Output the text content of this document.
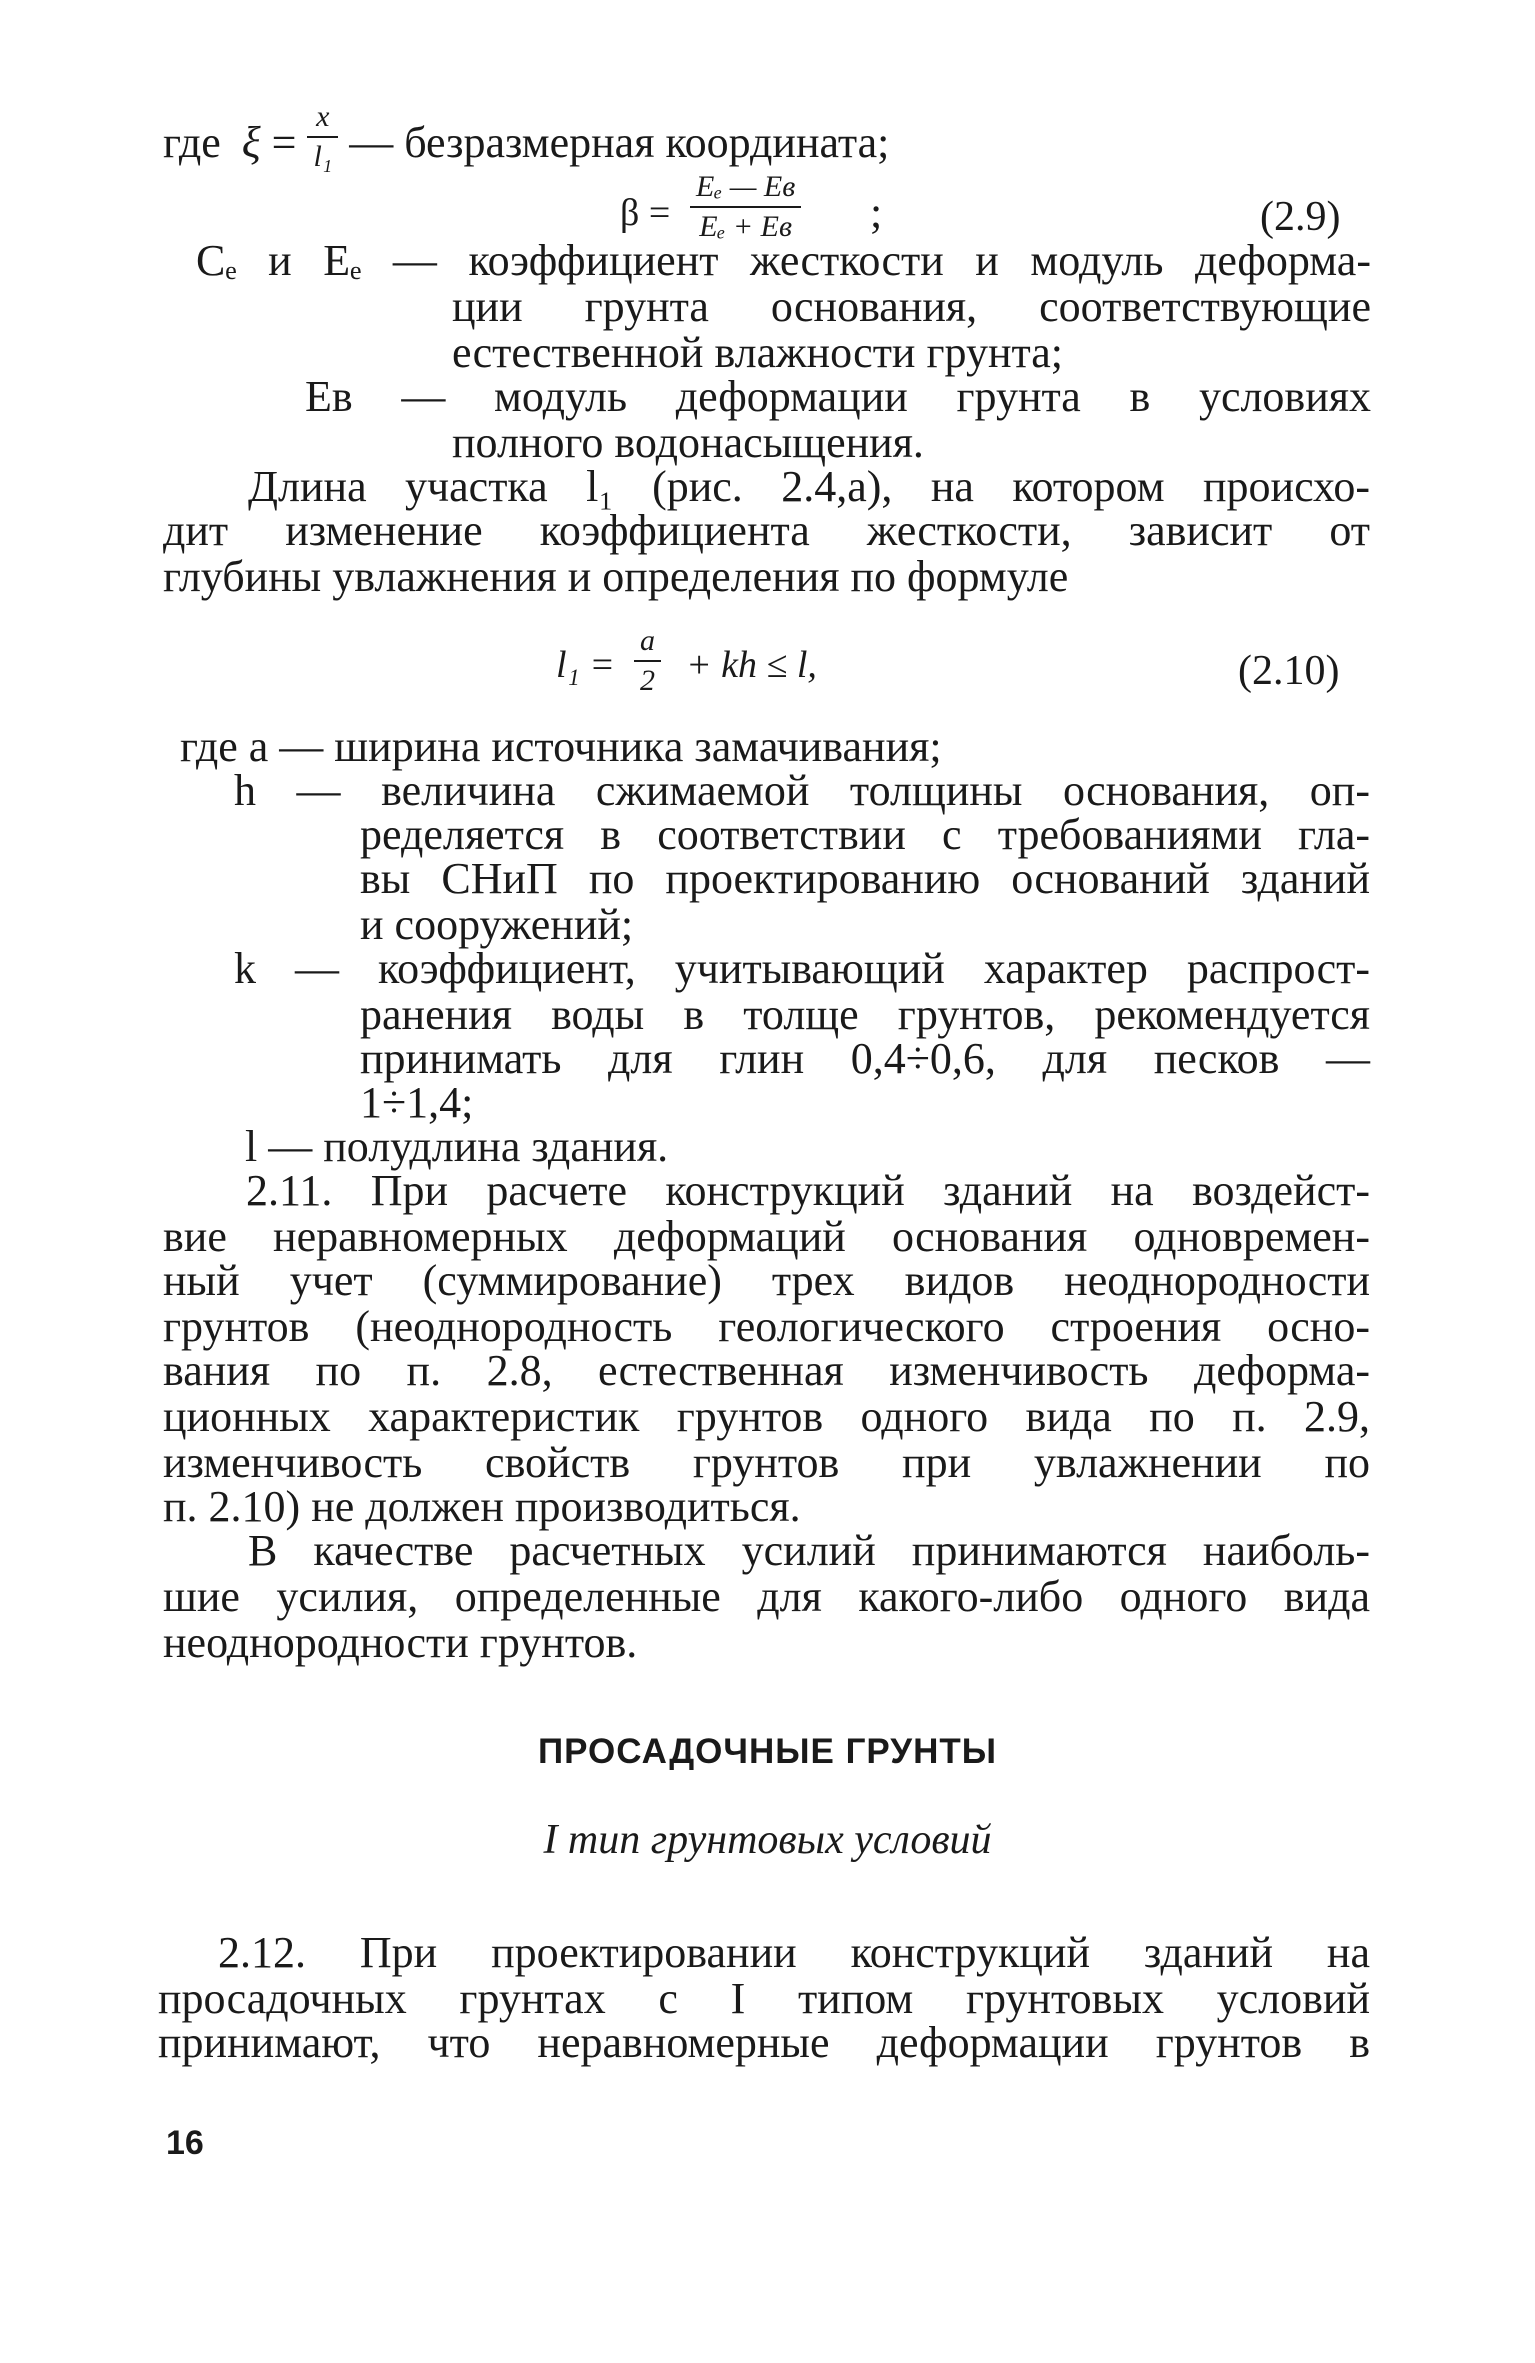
где $\xi = \frac{x}{\text{l₁}}$ — безразмерная координата;
β =
Eₑ — Eв
Eₑ + Eв ;	(2.9)
Cₑ и Eₑ — коэффициент жесткости и модуль деформа-
ции грунта основания, соответствующие
естественной влажности грунта;
Eв — модуль деформации грунта в условиях
полного водонасыщения.
Длина участка l₁ (рис. 2.4,а), на котором происхо-
дит изменение коэффициента жесткости, зависит от
глубины увлажнения и определения по формуле
$l_1 = \frac{a}{2}$ + kh ≤ l,	(2.10)
где a — ширина источника замачивания;
h — величина сжимаемой толщины основания, оп-
ределяется в соответствии с требованиями гла-
вы СНиП по проектированию оснований зданий
и сооружений;
k — коэффициент, учитывающий характер распрост-
ранения воды в толще грунтов, рекомендуется
принимать для глин 0,4÷0,6, для песков —
1÷1,4;
l — полудлина здания.
2.11. При расчете конструкций зданий на воздейст-
вие неравномерных деформаций основания одновремен-
ный учет (суммирование) трех видов неоднородности
грунтов (неоднородность геологического строения осно-
вания по п. 2.8, естественная изменчивость деформа-
ционных характеристик грунтов одного вида по п. 2.9,
изменчивость свойств грунтов при увлажнении по
п. 2.10) не должен производиться.
В качестве расчетных усилий принимаются наиболь-
шие усилия, определенные для какого-либо одного вида
неоднородности грунтов.
ПРОСАДОЧНЫЕ ГРУНТЫ
I тип грунтовых условий
2.12. При проектировании конструкций зданий на
просадочных грунтах с I типом грунтовых условий
принимают, что неравномерные деформации грунтов в
16
